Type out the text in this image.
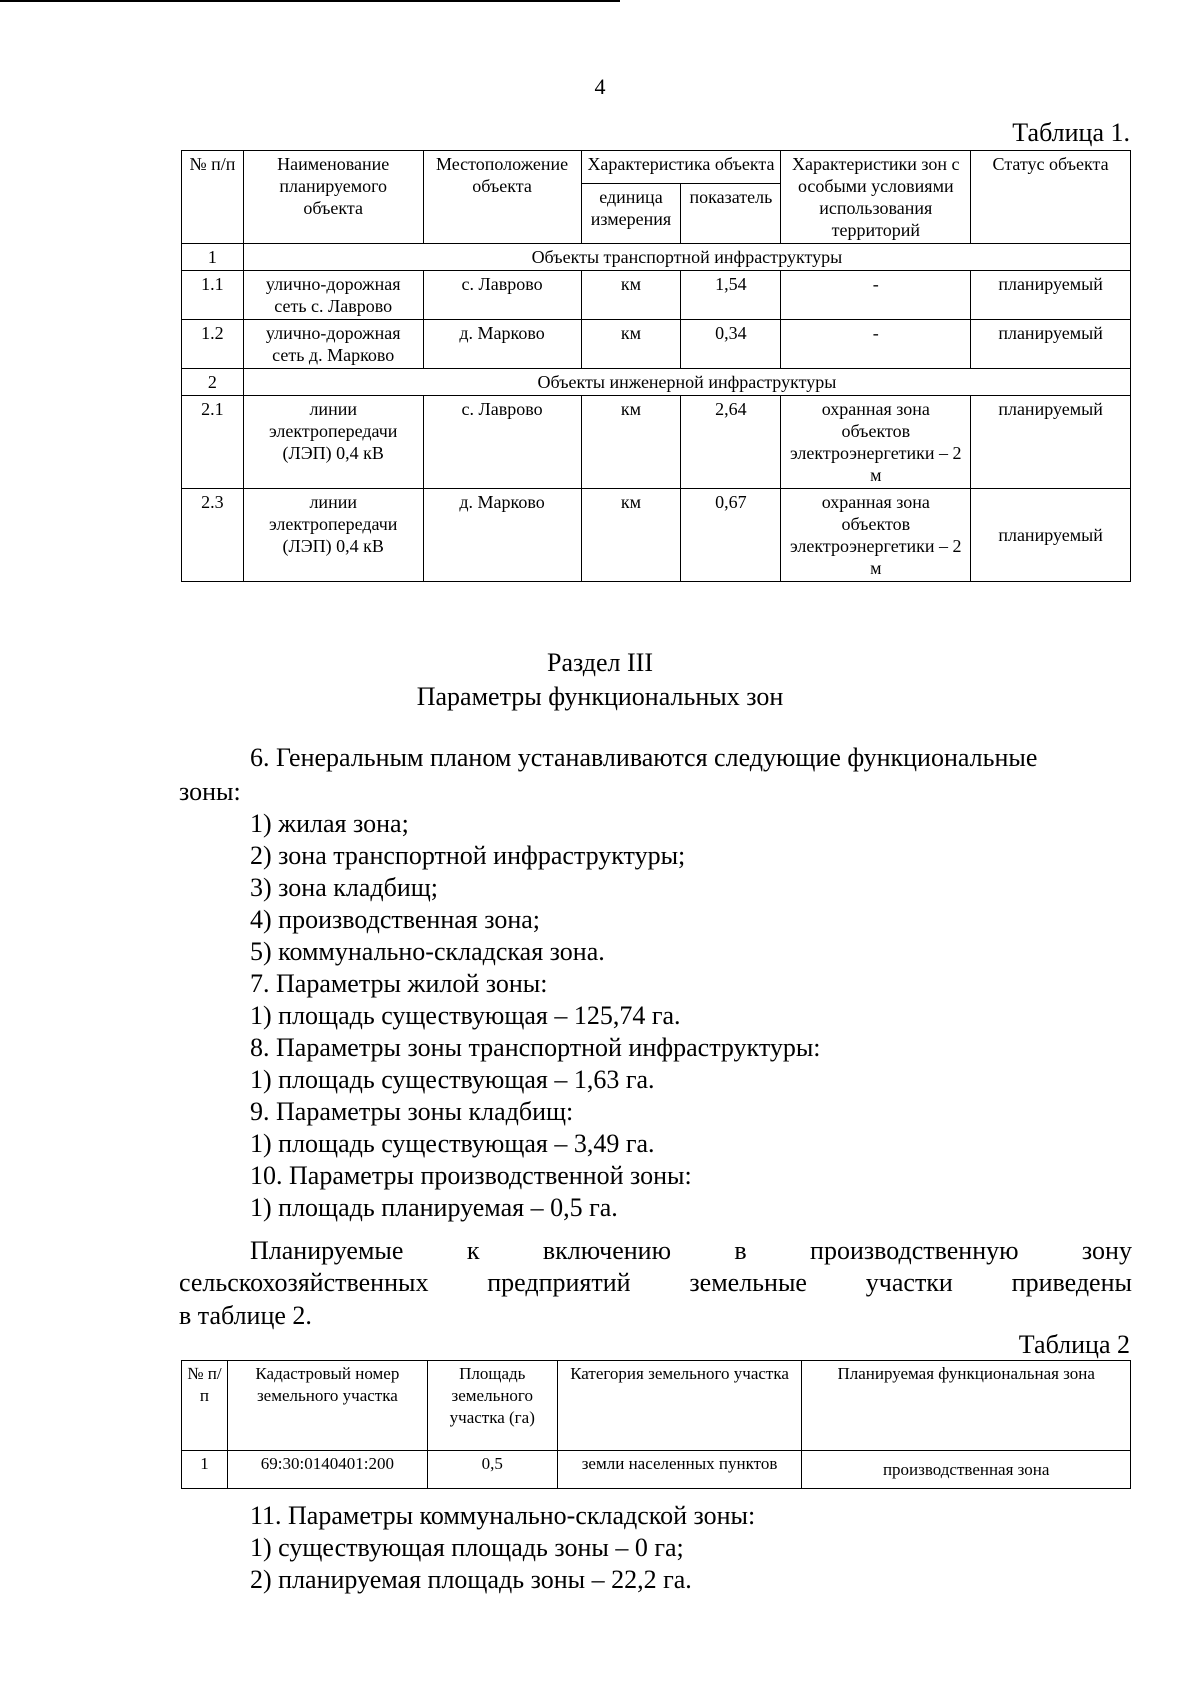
4
Таблица 1.
№ п/п	Наименование планируемого объекта	Местоположение объекта	Характеристика объекта		Характеристики зон с особыми условиями использования территорий	Статус объекта
			единица измерения	показатель		
1	Объекты транспортной инфраструктуры					
1.1	улично-дорожная сеть с. Лаврово	с. Лаврово	км	1,54	-	планируемый
1.2	улично-дорожная сеть д. Марково	д. Марково	км	0,34	-	планируемый
2	Объекты инженерной инфраструктуры					
2.1	линии электропередачи (ЛЭП) 0,4 кВ	с. Лаврово	км	2,64	охранная зона объектов электроэнергетики – 2 м	планируемый
2.3	линии электропередачи (ЛЭП) 0,4 кВ	д. Марково	км	0,67	охранная зона объектов электроэнергетики – 2 м	планируемый
Раздел III
Параметры функциональных зон
6. Генеральным планом устанавливаются следующие функциональные
зоны:
1) жилая зона;
2) зона транспортной инфраструктуры;
3) зона кладбищ;
4) производственная зона;
5) коммунально-складская зона.
7. Параметры жилой зоны:
1) площадь существующая – 125,74 га.
8. Параметры зоны транспортной инфраструктуры:
1) площадь существующая – 1,63 га.
9. Параметры зоны кладбищ:
1) площадь существующая – 3,49 га.
10. Параметры производственной зоны:
1) площадь планируемая – 0,5 га.
Планируемые к включению в производственную зону
сельскохозяйственных предприятий земельные участки приведены
в таблице 2.
Таблица 2
№ п/п	Кадастровый номер земельного участка	Площадь земельного участка (га)	Категория земельного участка	Планируемая функциональная зона
1	69:30:0140401:200	0,5	земли населенных пунктов	производственная зона
11. Параметры коммунально-складской зоны:
1) существующая площадь зоны – 0 га;
2) планируемая площадь зоны – 22,2 га.
